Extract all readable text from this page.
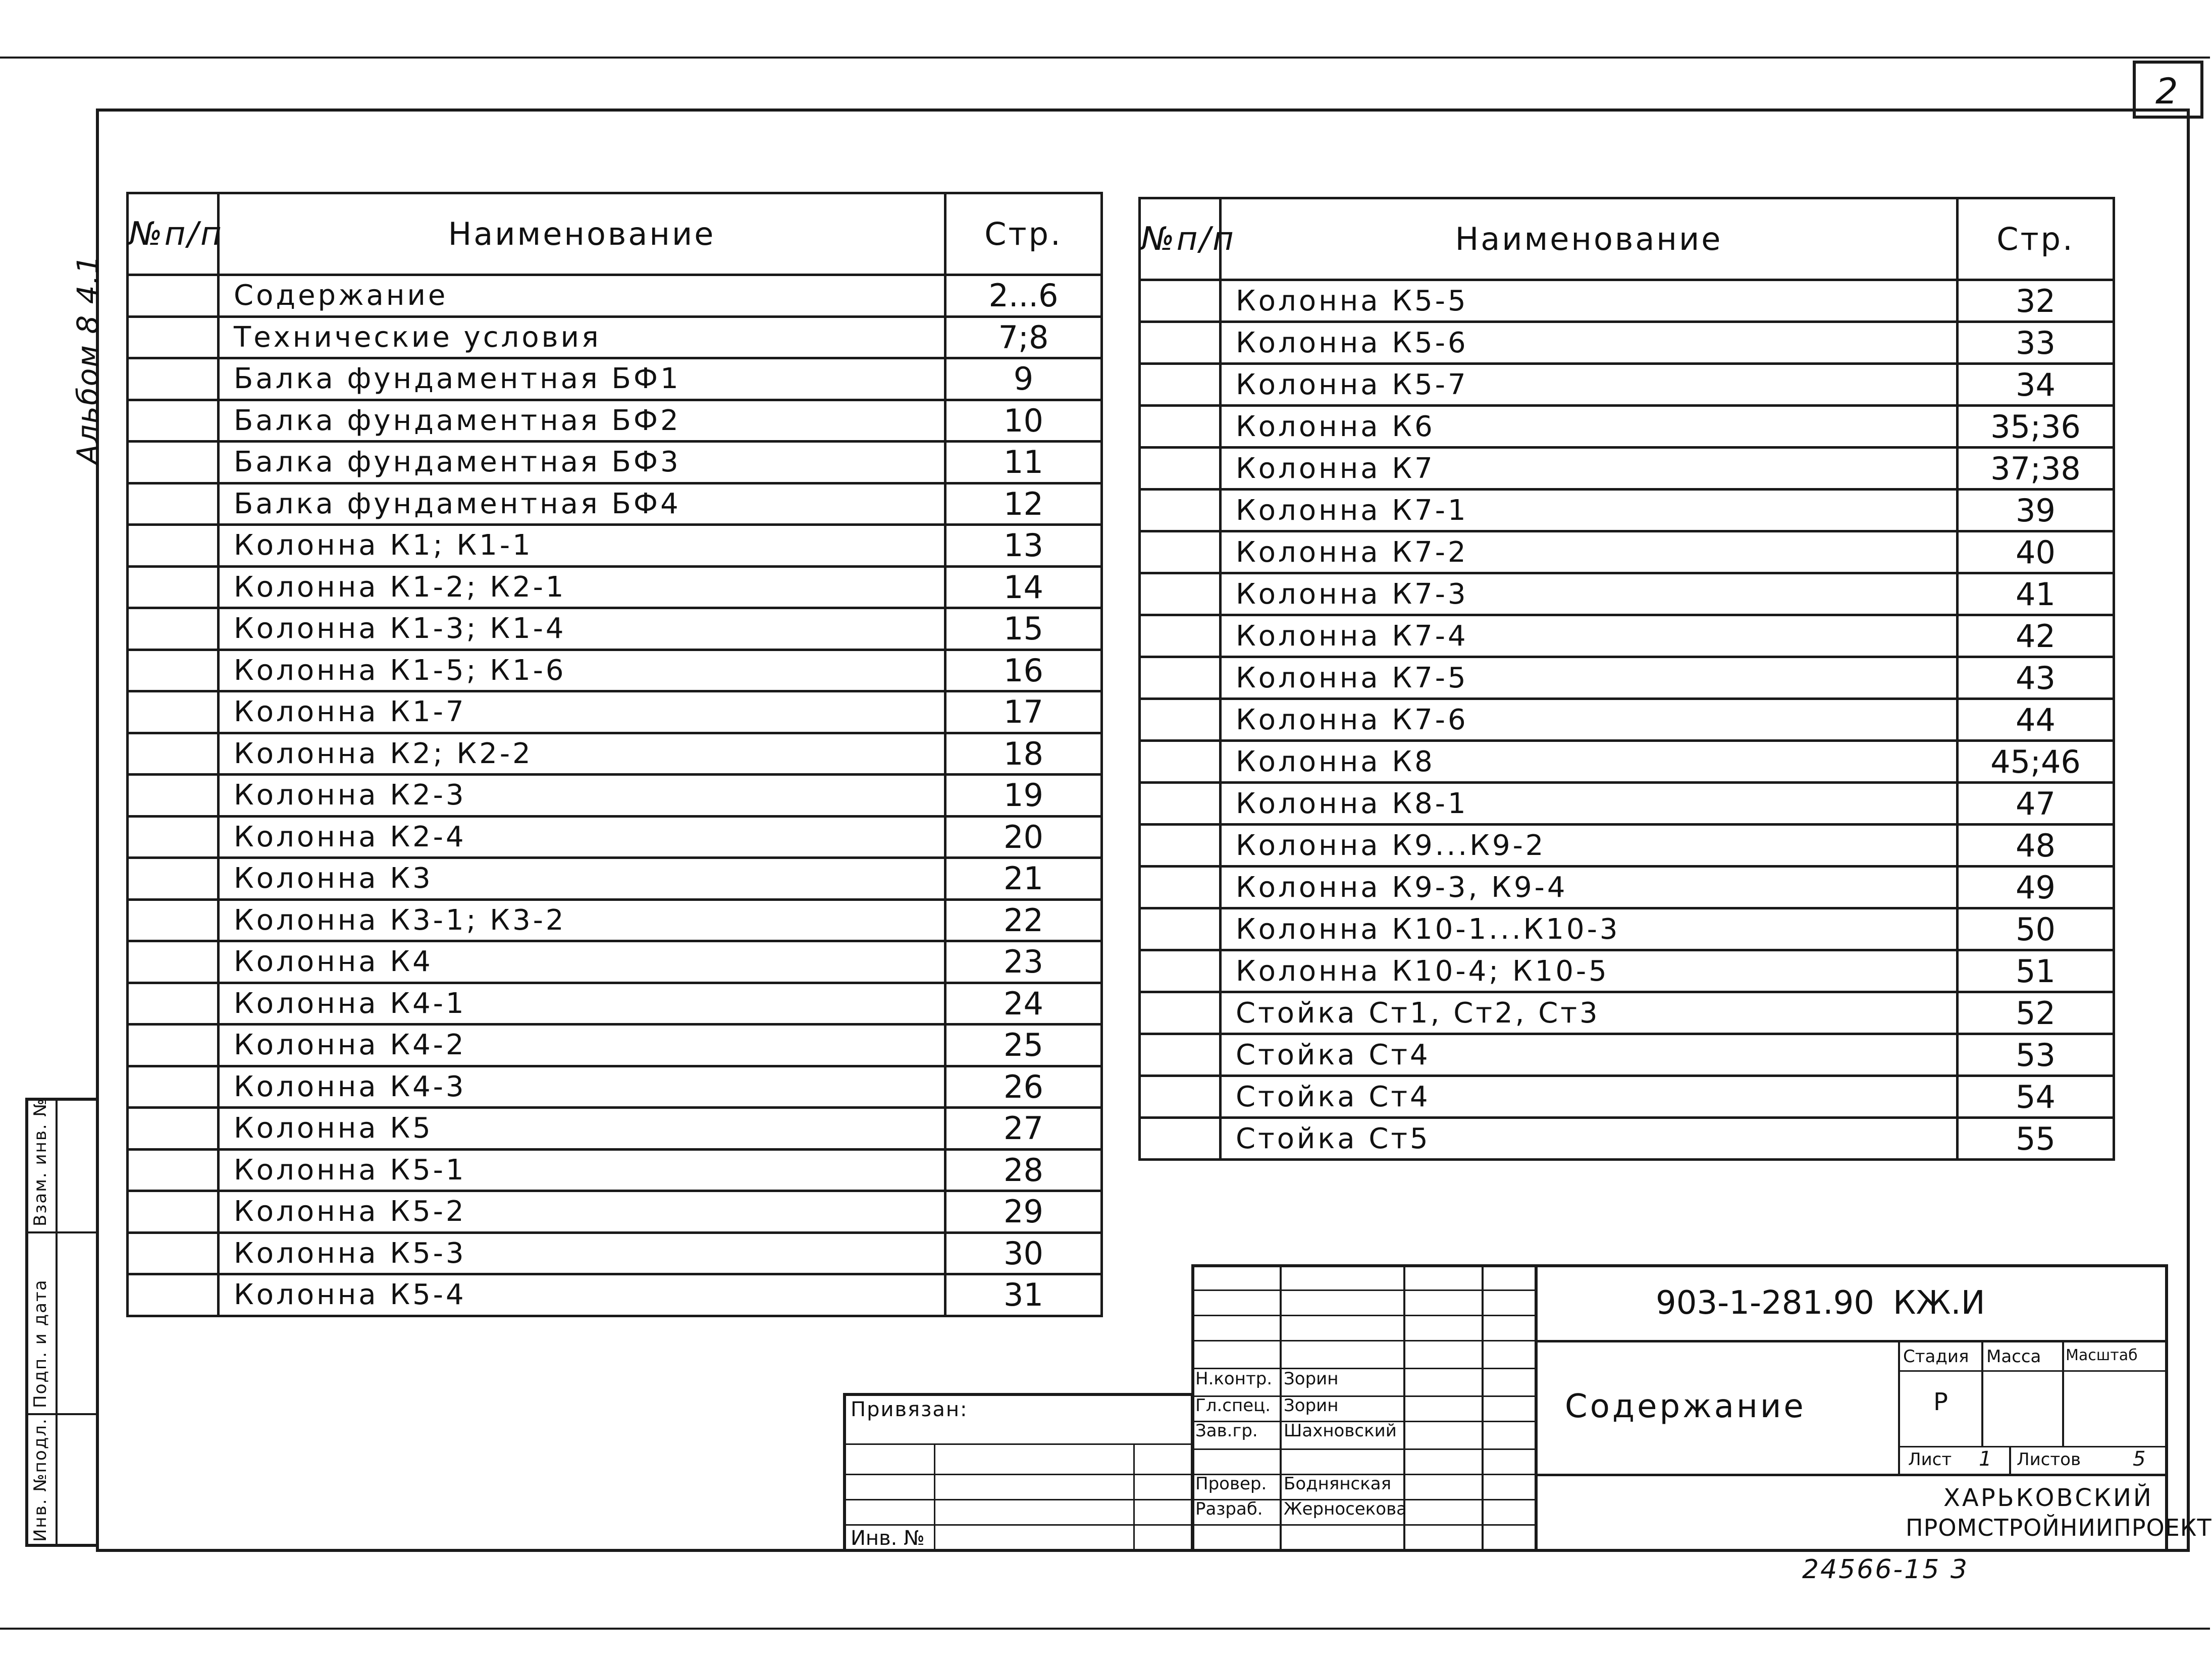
2
Альбом 8 4.1
Взам. инв. №
Подп. и дата
Инв. №подл.
№п/п	Наименование	Стр.
	Содержание	2...6
	Технические условия	7;8
	Балка фундаментная БФ1	9
	Балка фундаментная БФ2	10
	Балка фундаментная БФ3	11
	Балка фундаментная БФ4	12
	Колонна К1; К1-1	13
	Колонна К1-2; К2-1	14
	Колонна К1-3; К1-4	15
	Колонна К1-5; К1-6	16
	Колонна К1-7	17
	Колонна К2; К2-2	18
	Колонна К2-3	19
	Колонна К2-4	20
	Колонна К3	21
	Колонна К3-1; К3-2	22
	Колонна К4	23
	Колонна К4-1	24
	Колонна К4-2	25
	Колонна К4-3	26
	Колонна К5	27
	Колонна К5-1	28
	Колонна К5-2	29
	Колонна К5-3	30
	Колонна К5-4	31
№п/п	Наименование	Стр.
	Колонна К5-5	32
	Колонна К5-6	33
	Колонна К5-7	34
	Колонна К6	35;36
	Колонна К7	37;38
	Колонна К7-1	39
	Колонна К7-2	40
	Колонна К7-3	41
	Колонна К7-4	42
	Колонна К7-5	43
	Колонна К7-6	44
	Колонна К8	45;46
	Колонна К8-1	47
	Колонна К9...К9-2	48
	Колонна К9-3, К9-4	49
	Колонна К10-1...К10-3	50
	Колонна К10-4; К10-5	51
	Стойка Ст1, Ст2, Ст3	52
	Стойка Ст4	53
	Стойка Ст4	54
	Стойка Ст5	55
Н.контр. Зорин
Гл.спец. Зорин
Зав.гр. Шахновский
Провер. Боднянская
Разраб. Жерносекова
903-1-281.90 КЖ.И
Содержание
Стадия Масса Масштаб
Р
Лист 1 Листов	5
ХАРЬКОВСКИЙ
ПРОМСТРОЙНИИПРОЕКТ
Привязан:
Инв. №
24566-15 3
